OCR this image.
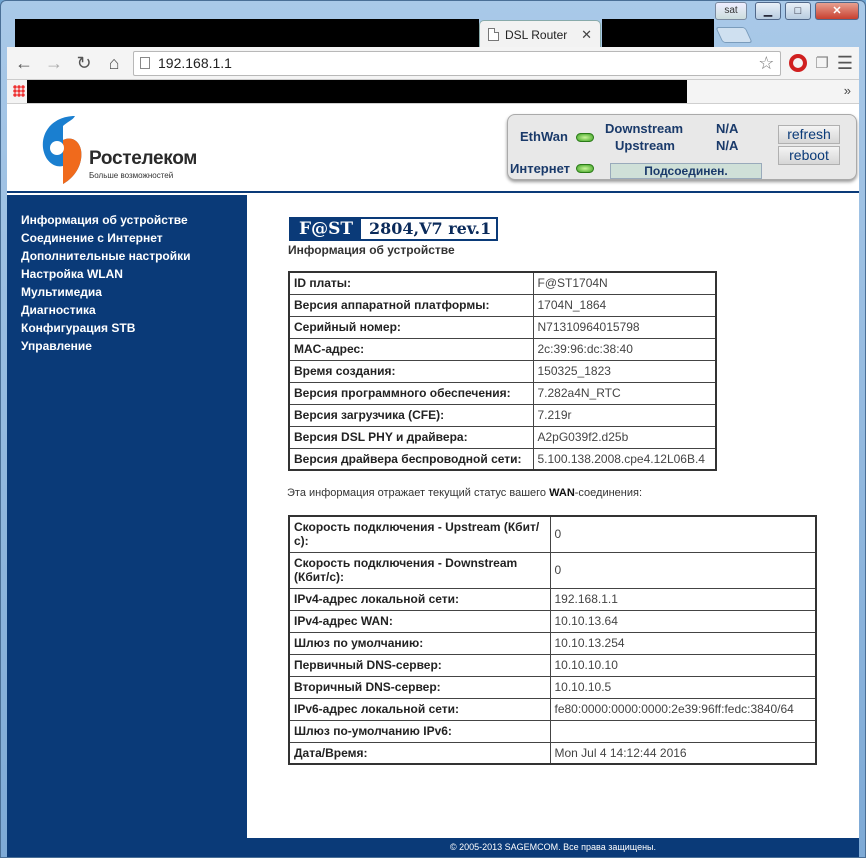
DSL Router	✕
sat	▁	□	✕
← → ↻ ⌂	192.168.1.1	☆	❐ ☰
»
Ростелеком
Больше возможностей
EthWan
Downstream	N/A
Upstream	N/A
Интернет	Подсоединен.
refresh
reboot
Информация об устройстве
Соединение с Интернет
Дополнительные настройки
Настройка WLAN
Мультимедиа
Диагностика
Конфигурация STB
Управление
F@ST	2804,V7 rev.1
Информация об устройстве
ID платы:	F@ST1704N
Версия аппаратной платформы:	1704N_1864
Серийный номер:	N71310964015798
MAC-адрес:	2c:39:96:dc:38:40
Время создания:	150325_1823
Версия программного обеспечения:	7.282a4N_RTC
Версия загрузчика (CFE):	7.219r
Версия DSL PHY и драйвера:	A2pG039f2.d25b
Версия драйвера беспроводной сети:	5.100.138.2008.cpe4.12L06B.4
Эта информация отражает текущий статус вашего WAN-соединения:
Скорость подключения - Upstream (Кбит/с):	0
Скорость подключения - Downstream (Кбит/с):	0
IPv4-адрес локальной сети:	192.168.1.1
IPv4-адрес WAN:	10.10.13.64
Шлюз по умолчанию:	10.10.13.254
Первичный DNS-сервер:	10.10.10.10
Вторичный DNS-сервер:	10.10.10.5
IPv6-адрес локальной сети:	fe80:0000:0000:0000:2e39:96ff:fedc:3840/64
Шлюз по-умолчанию IPv6:	
Дата/Время:	Mon Jul 4 14:12:44 2016
© 2005-2013 SAGEMCOM. Все права защищены.
